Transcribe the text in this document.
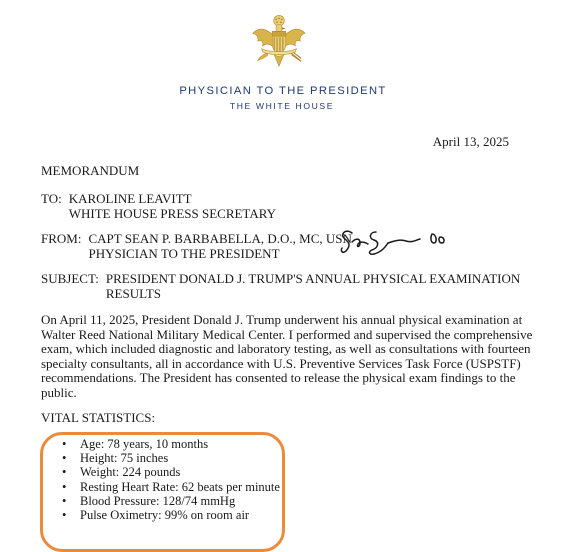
PHYSICIAN TO THE PRESIDENT
THE WHITE HOUSE
April 13, 2025
MEMORANDUM
TO: KAROLINE LEAVITT
WHITE HOUSE PRESS SECRETARY
FROM: CAPT SEAN P. BARBABELLA, D.O., MC, USN
PHYSICIAN TO THE PRESIDENT
SUBJECT: PRESIDENT DONALD J. TRUMP'S ANNUAL PHYSICAL EXAMINATION
RESULTS
On April 11, 2025, President Donald J. Trump underwent his annual physical examination at
Walter Reed National Military Medical Center. I performed and supervised the comprehensive
exam, which included diagnostic and laboratory testing, as well as consultations with fourteen
specialty consultants, all in accordance with U.S. Preventive Services Task Force (USPSTF)
recommendations. The President has consented to release the physical exam findings to the
public.
VITAL STATISTICS:
• Age: 78 years, 10 months
• Height: 75 inches
• Weight: 224 pounds
• Resting Heart Rate: 62 beats per minute
• Blood Pressure: 128/74 mmHg
• Pulse Oximetry: 99% on room air
